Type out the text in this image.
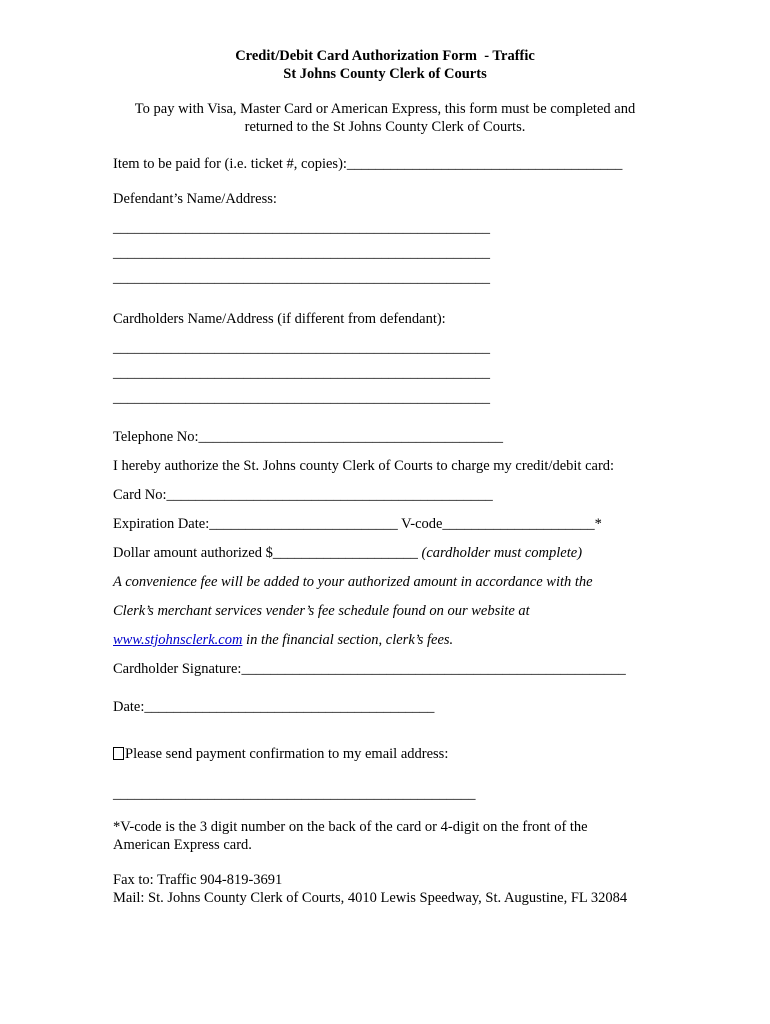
Credit/Debit Card Authorization Form  - Traffic
St Johns County Clerk of Courts
To pay with Visa, Master Card or American Express, this form must be completed and
returned to the St Johns County Clerk of Courts.
Item to be paid for (i.e. ticket #, copies):______________________________________
Defendant’s Name/Address:
____________________________________________________
____________________________________________________
____________________________________________________
Cardholders Name/Address (if different from defendant):
____________________________________________________
____________________________________________________
____________________________________________________
Telephone No:__________________________________________
I hereby authorize the St. Johns county Clerk of Courts to charge my credit/debit card:
Card No:_____________________________________________
Expiration Date:__________________________ V-code_____________________*
Dollar amount authorized $____________________ (cardholder must complete)
A convenience fee will be added to your authorized amount in accordance with the
Clerk’s merchant services vender’s fee schedule found on our website at
www.stjohnsclerk.com in the financial section, clerk’s fees.
Cardholder Signature:_____________________________________________________
Date:________________________________________
Please send payment confirmation to my email address:
__________________________________________________
*V-code is the 3 digit number on the back of the card or 4-digit on the front of the
American Express card.
Fax to: Traffic 904-819-3691
Mail: St. Johns County Clerk of Courts, 4010 Lewis Speedway, St. Augustine, FL 32084
